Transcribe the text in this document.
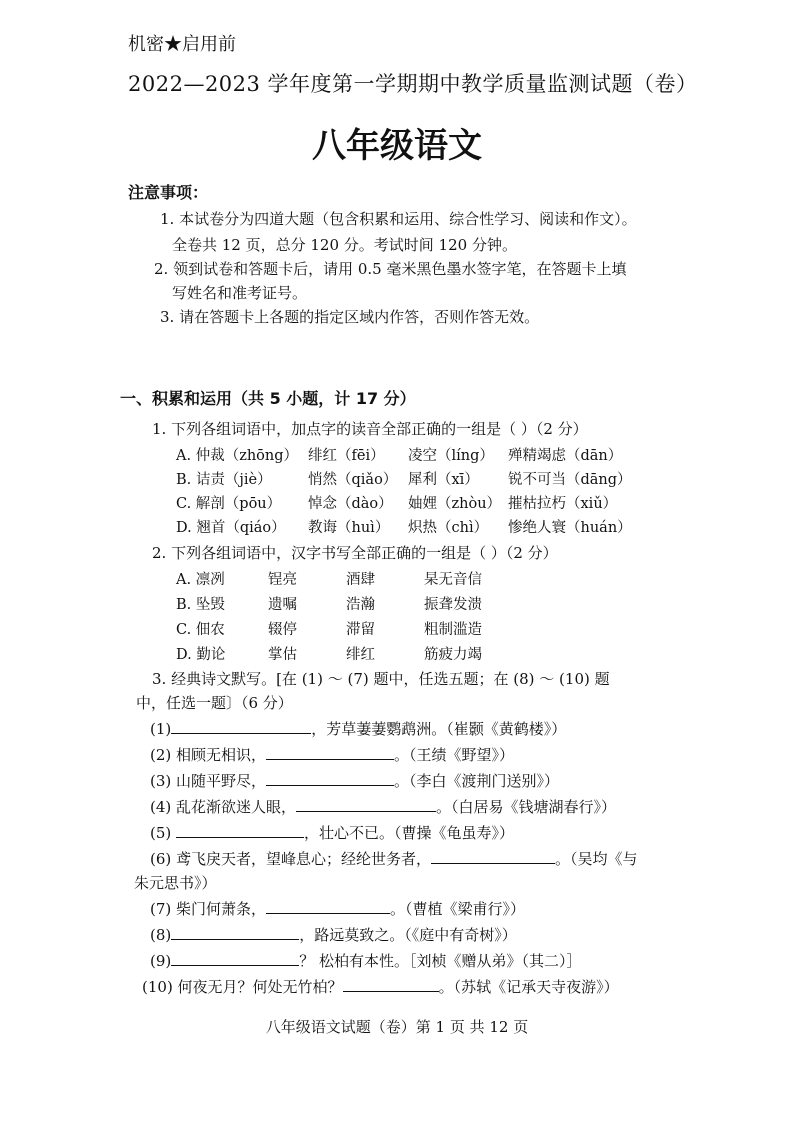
机密★启用前
2022—2023 学年度第一学期期中教学质量监测试题（卷）
八年级语文
注意事项：
1. 本试卷分为四道大题（包含积累和运用、综合性学习、阅读和作文）。
全卷共 12 页，总分 120 分。考试时间 120 分钟。
2. 领到试卷和答题卡后，请用 0.5 毫米黑色墨水签字笔，在答题卡上填
写姓名和准考证号。
3. 请在答题卡上各题的指定区域内作答，否则作答无效。
一、积累和运用（共 5 小题，计 17 分）
1. 下列各组词语中，加点字的读音全部正确的一组是（ ）（2 分）
A. 仲裁（zhōng） 绯红（fēi） 凌空（líng） 殚精竭虑（dān）
B. 诘责（jiè）	悄然（qiǎo） 犀利（xī） 锐不可当（dāng）
C. 解剖（pōu） 悼念（dào） 妯娌（zhòu） 摧枯拉朽（xiǔ）
D. 翘首（qiáo） 教诲（huì） 炽热（chì） 惨绝人寰（huán）
2. 下列各组词语中，汉字书写全部正确的一组是（ ）（2 分）
A. 凛冽	锃亮	酒肆	杲无音信
B. 坠毁	遗嘱	浩瀚	振聋发溃
C. 佃农	辍停	滞留	粗制滥造
D. 勤论	掌估	绯红	筋疲力竭
3. 经典诗文默写。[在 (1) ～ (7) 题中，任选五题；在 (8) ～ (10) 题
中，任选一题〕（6 分）
(1)	，芳草萋萋鹦鹉洲。（崔颢《黄鹤楼》）
(2) 相顾无相识，	。（王绩《野望》）
(3) 山随平野尽，	。（李白《渡荆门送别》）
(4) 乱花渐欲迷人眼，	。（白居易《钱塘湖春行》）
(5)	，壮心不已。（曹操《龟虽寿》）
(6) 鸢飞戾天者，望峰息心；经纶世务者，	。（吴均《与
朱元思书》）
(7) 柴门何萧条，	。（曹植《梁甫行》）
(8)	，路远莫致之。（《庭中有奇树》）
(9)	？ 松柏有本性。［刘桢《赠从弟》（其二）］
(10) 何夜无月？何处无竹柏？	。（苏轼《记承天寺夜游》）
八年级语文试题（卷）第 1 页 共 12 页
